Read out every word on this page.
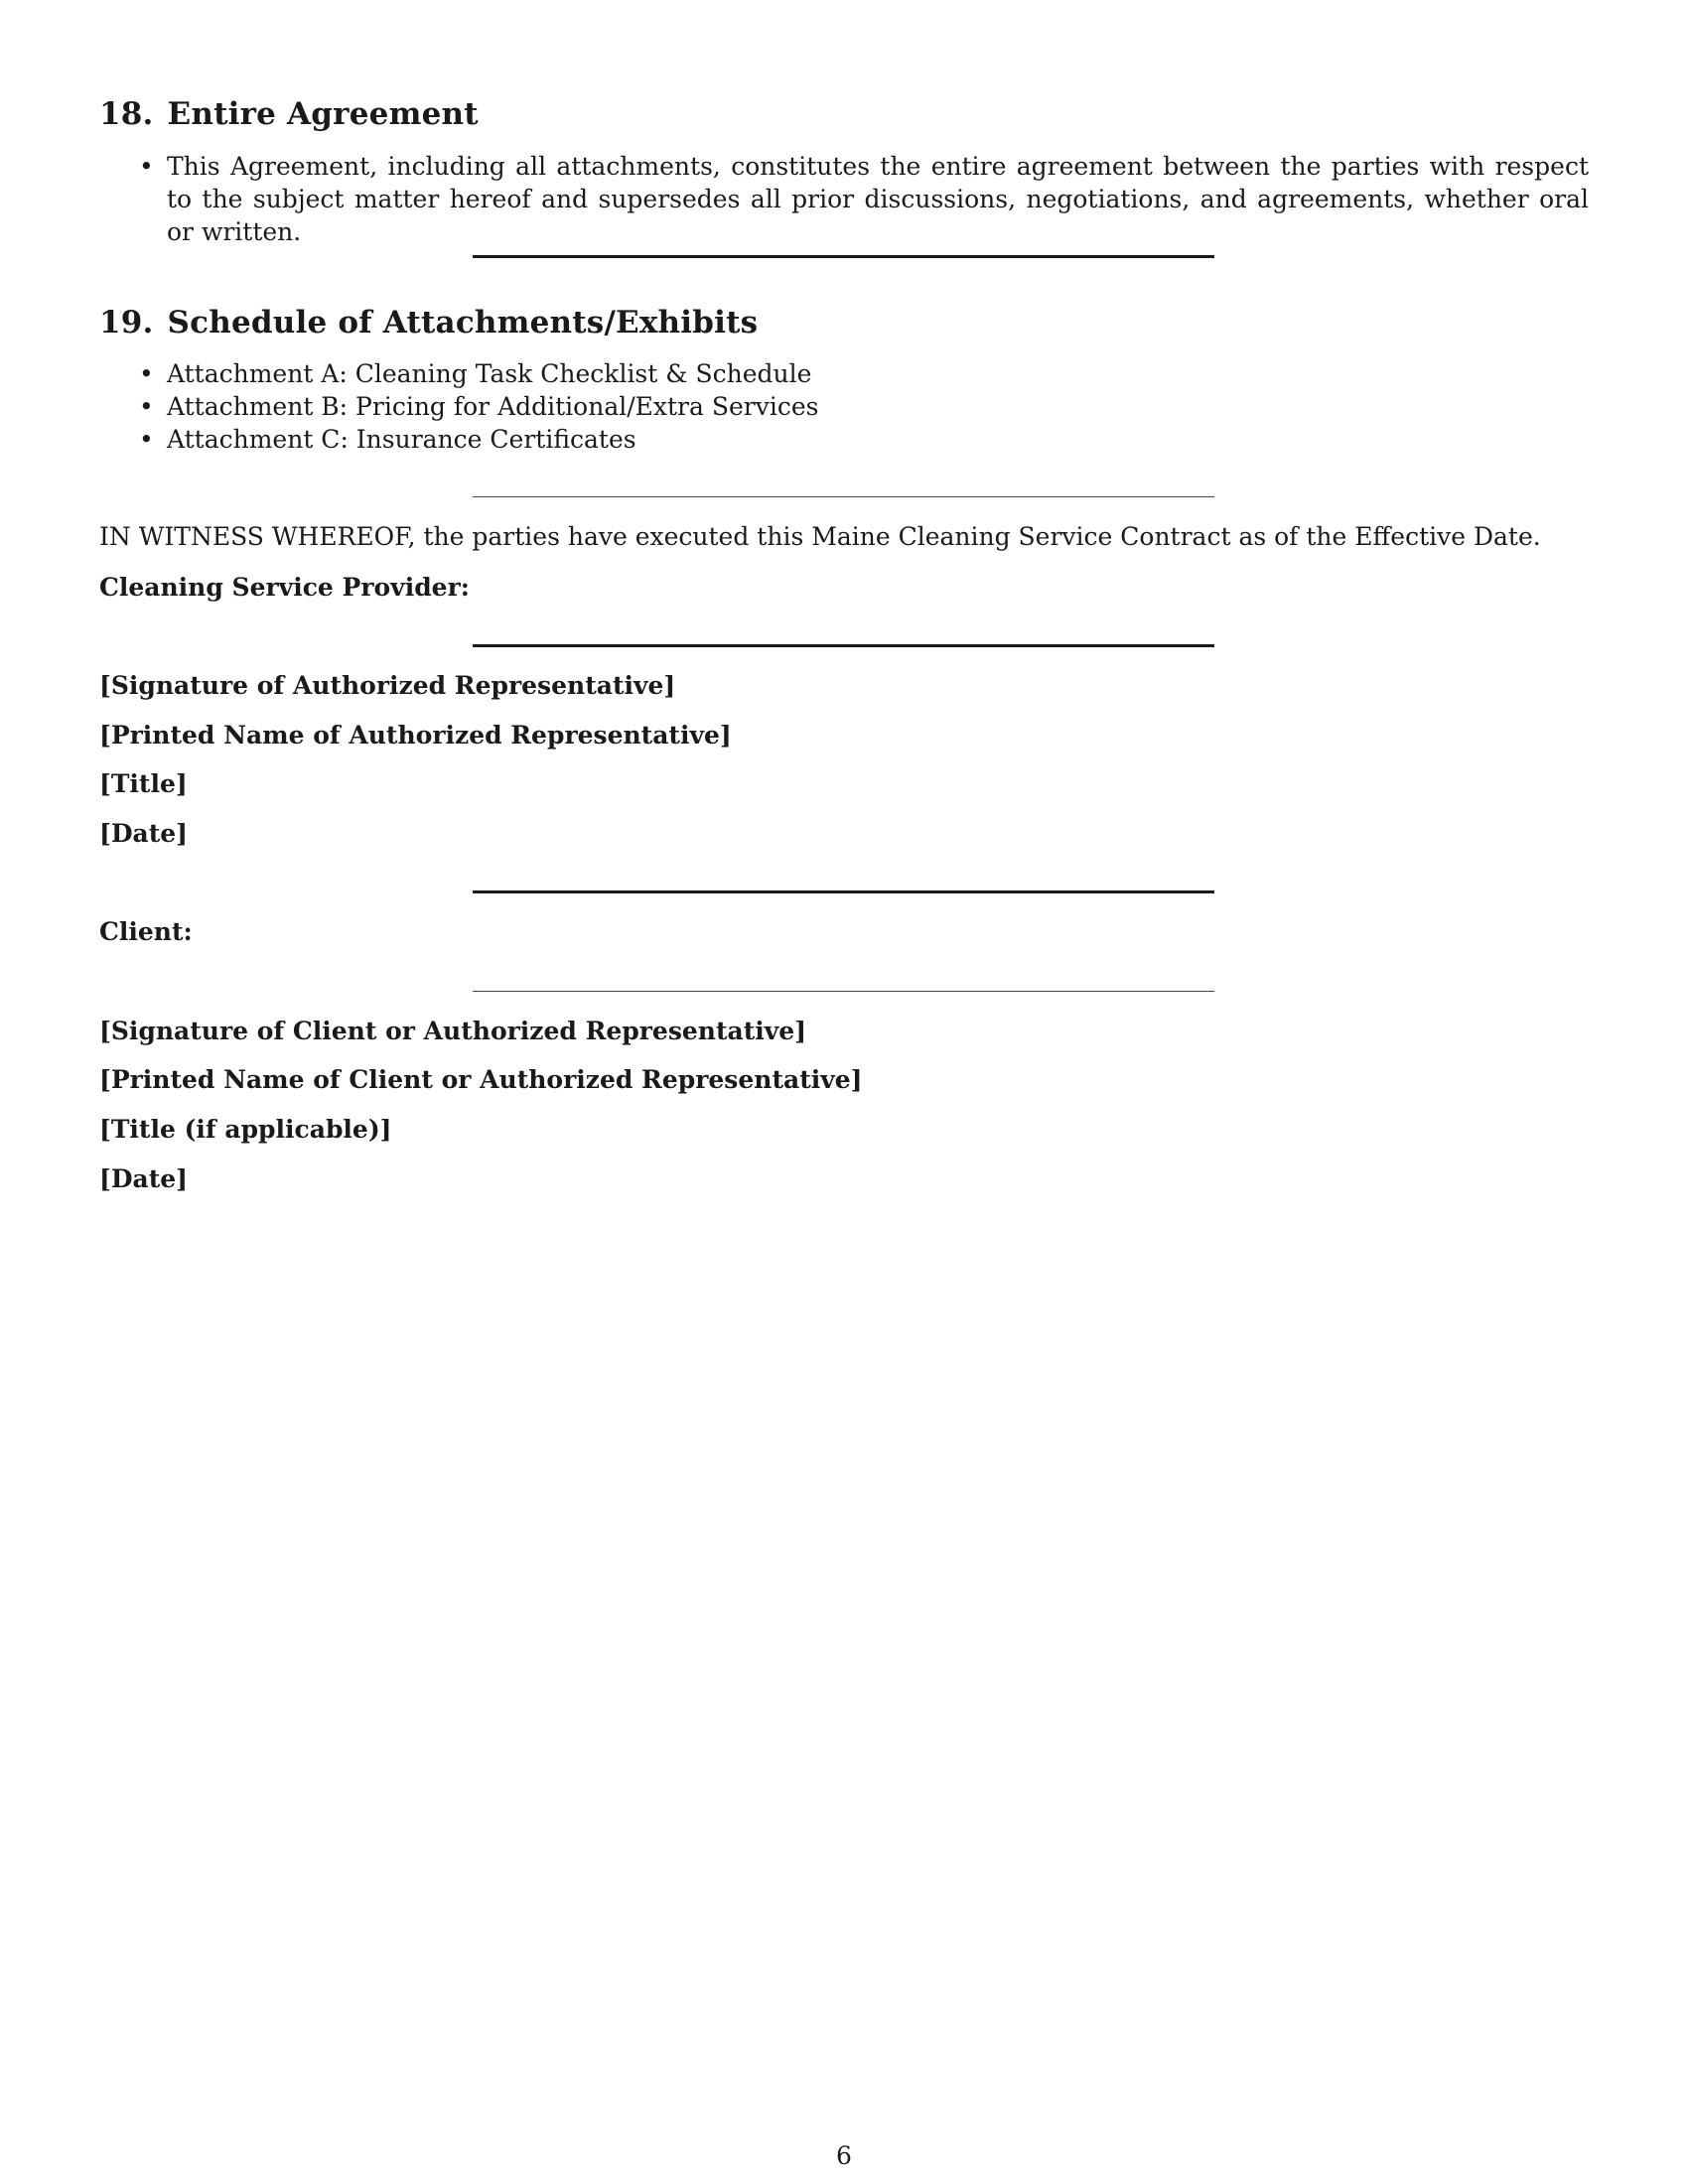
18. Entire Agreement
• This Agreement, including all attachments, constitutes the entire agreement between the parties with respect to the subject matter hereof and supersedes all prior discussions, negotiations, and agreements, whether oral or written.
19. Schedule of Attachments/Exhibits
• Attachment A: Cleaning Task Checklist & Schedule
• Attachment B: Pricing for Additional/Extra Services
• Attachment C: Insurance Certificates

IN WITNESS WHEREOF, the parties have executed this Maine Cleaning Service Contract as of the Effective Date.

Cleaning Service Provider:

[Signature of Authorized Representative]

[Printed Name of Authorized Representative]

[Title]

[Date]

Client:

[Signature of Client or Authorized Representative]

[Printed Name of Client or Authorized Representative]

[Title (if applicable)]

[Date]

6
